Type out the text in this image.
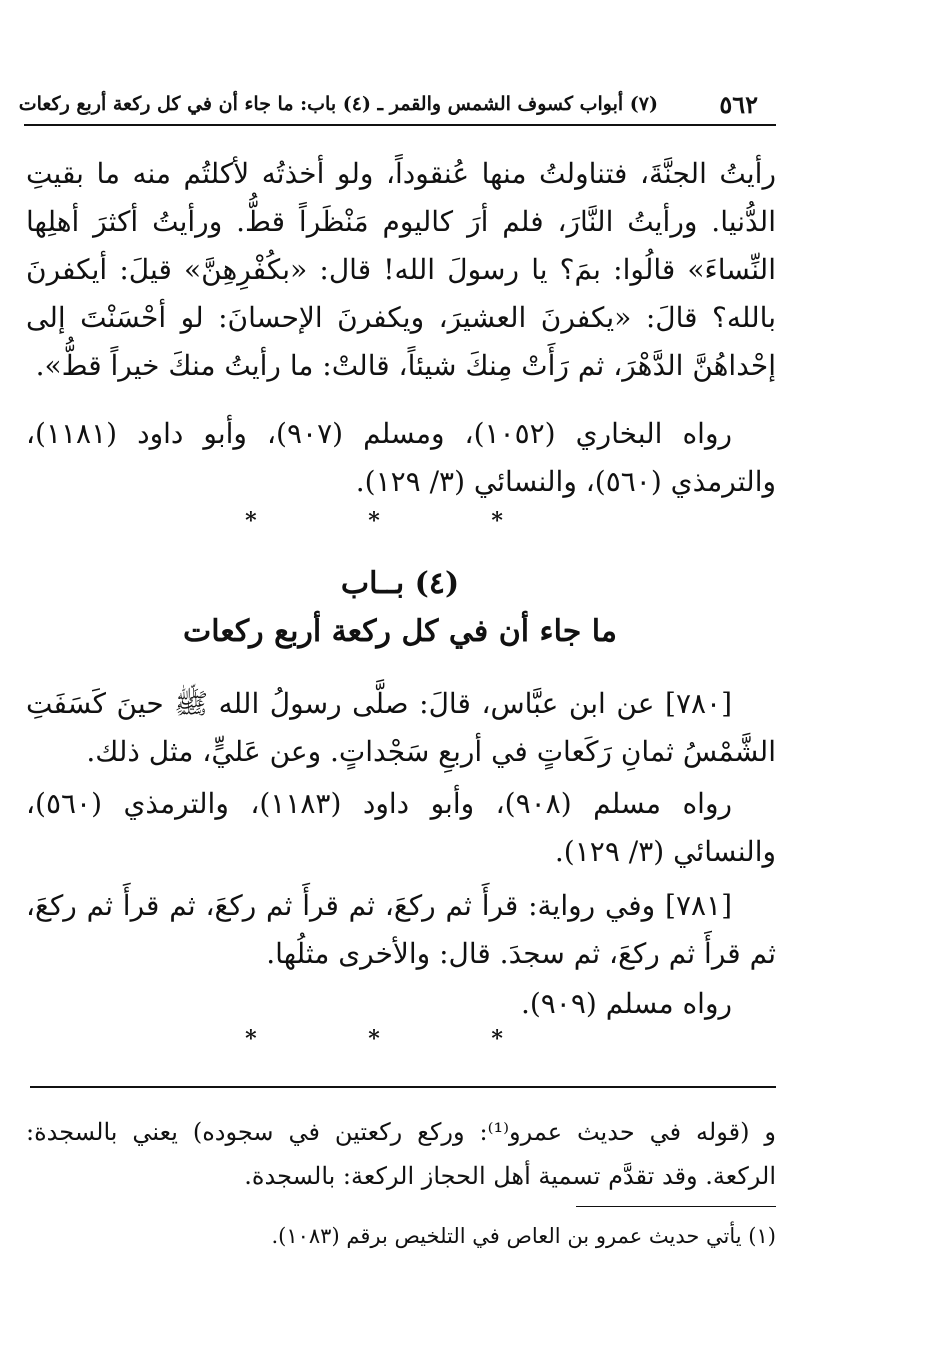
٥٦٢
(٧) أبواب كسوف الشمس والقمر ـ (٤) باب: ما جاء أن في كل ركعة أربع ركعات

رأيتُ الجنَّةَ، فتناولتُ منها عُنقوداً، ولو أخذتُه لأكلتُم منه ما بقيتِ الدُّنيا. ورأيتُ النَّارَ، فلم أرَ كاليوم مَنْظَراً قطُّ. ورأيتُ أكثرَ أهلِها النِّساءَ» قالُوا: بمَ؟ يا رسولَ الله! قال: «بكُفْرِهِنَّ» قيلَ: أيكفرنَ بالله؟ قالَ: «يكفرنَ العشيرَ، ويكفرنَ الإحسانَ: لو أحْسَنْتَ إلى إحْداهُنَّ الدَّهْرَ، ثم رَأَتْ مِنكَ شيئاً، قالتْ: ما رأيتُ منكَ خيراً قطُّ».

رواه البخاري (١٠٥٢)، ومسلم (٩٠٧)، وأبو داود (١١٨١)، والترمذي (٥٦٠)، والنسائي (٣/ ١٢٩).

* * *
(٤) بــاب
ما جاء أن في كل ركعة أربع ركعات

[٧٨٠] عن ابن عبَّاس، قالَ: صلَّى رسولُ الله ﷺ حينَ كَسَفَتِ الشَّمْسُ ثمانِ رَكَعاتٍ في أربعِ سَجْداتٍ. وعن عَليٍّ، مثل ذلك.

رواه مسلم (٩٠٨)، وأبو داود (١١٨٣)، والترمذي (٥٦٠)، والنسائي (٣/ ١٢٩).

[٧٨١] وفي رواية: قرأَ ثم ركعَ، ثم قرأَ ثم ركعَ، ثم قرأَ ثم ركعَ، ثم قرأَ ثم ركعَ، ثم سجدَ. قال: والأخرى مثلُها.

رواه مسلم (٩٠٩).

* * *

و (قوله في حديث عمرو⁽¹⁾: وركع ركعتين في سجوده) يعني بالسجدة: الركعة. وقد تقدَّم تسمية أهل الحجاز الركعة: بالسجدة.

(١) يأتي حديث عمرو بن العاص في التلخيص برقم (١٠٨٣).
